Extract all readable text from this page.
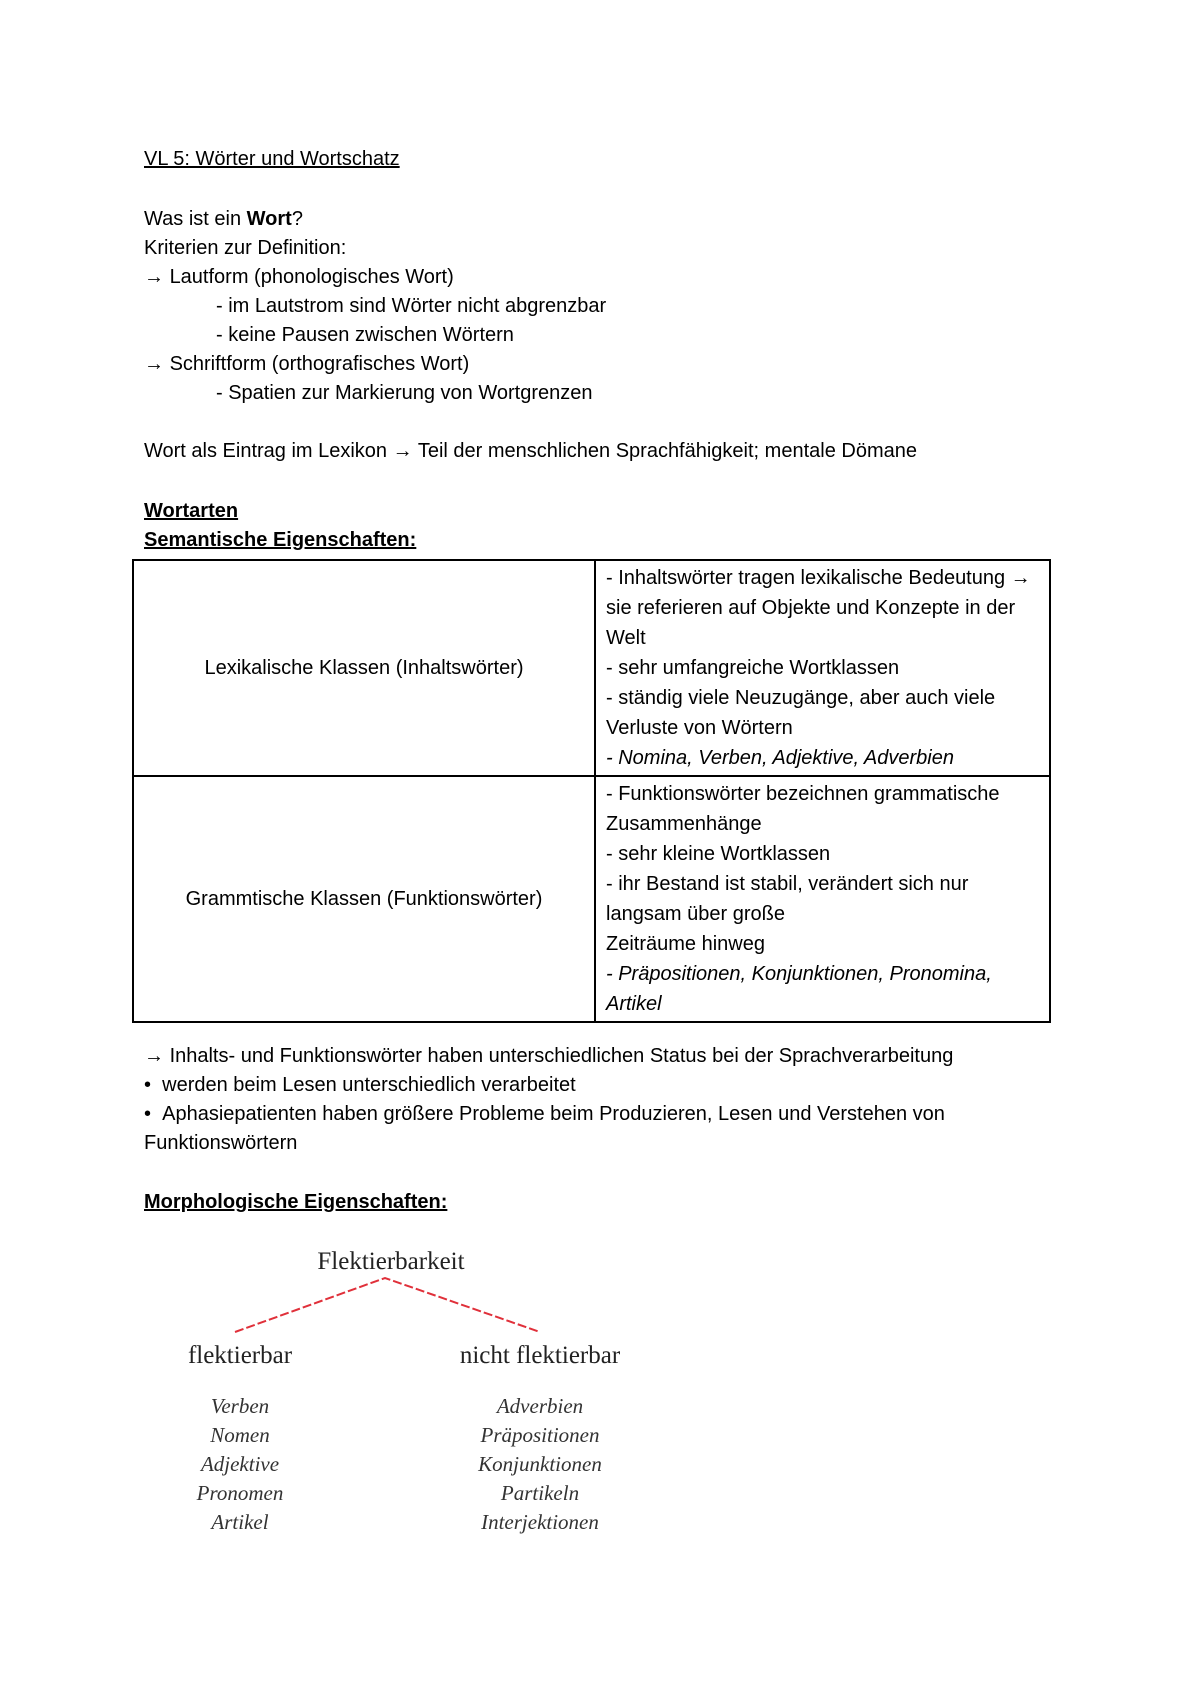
VL 5: Wörter und Wortschatz
Was ist ein Wort?
Kriterien zur Definition:
→ Lautform (phonologisches Wort)
- im Lautstrom sind Wörter nicht abgrenzbar
- keine Pausen zwischen Wörtern
→ Schriftform (orthografisches Wort)
- Spatien zur Markierung von Wortgrenzen
Wort als Eintrag im Lexikon → Teil der menschlichen Sprachfähigkeit; mentale Dömane
Wortarten
Semantische Eigenschaften:
Lexikalische Klassen (Inhaltswörter)	- Inhaltswörter tragen lexikalische Bedeutung → sie referieren auf Objekte und Konzepte in der Welt
- sehr umfangreiche Wortklassen
- ständig viele Neuzugänge, aber auch viele Verluste von Wörtern
- Nomina, Verben, Adjektive, Adverbien

Grammtische Klassen (Funktionswörter)	- Funktionswörter bezeichnen grammatische Zusammenhänge
- sehr kleine Wortklassen
- ihr Bestand ist stabil, verändert sich nur langsam über große
Zeiträume hinweg
- Präpositionen, Konjunktionen, Pronomina, Artikel
→ Inhalts- und Funktionswörter haben unterschiedlichen Status bei der Sprachverarbeitung
• werden beim Lesen unterschiedlich verarbeitet
• Aphasiepatienten haben größere Probleme beim Produzieren, Lesen und Verstehen von
Funktionswörtern
Morphologische Eigenschaften:
Flektierbarkeit
flektierbar	nicht flektierbar
Verben
Nomen
Adjektive
Pronomen
Artikel
Adverbien
Präpositionen
Konjunktionen
Partikeln
Interjektionen
